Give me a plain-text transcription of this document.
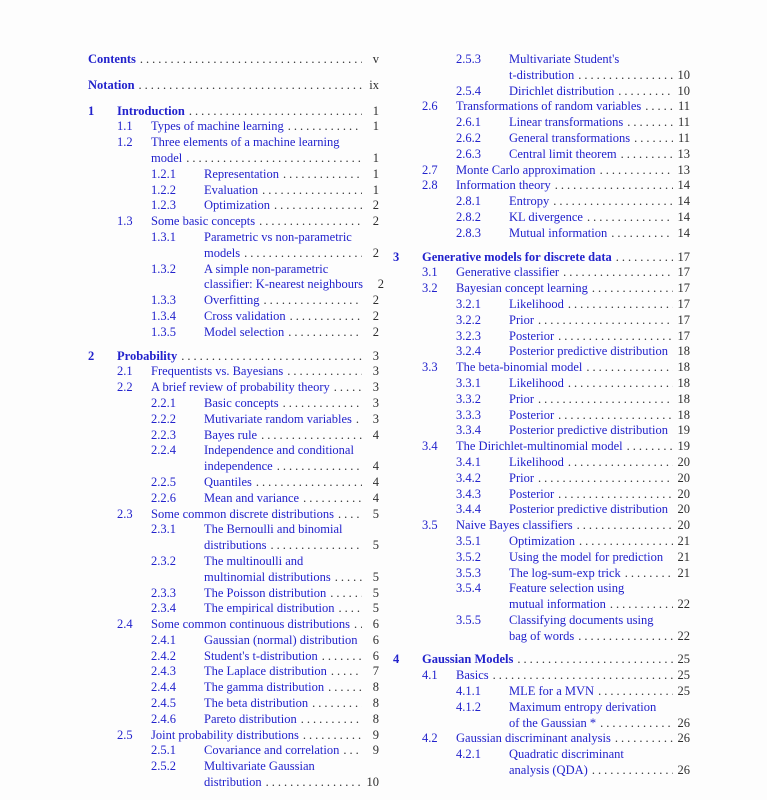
Contents .....	v
Notation .....	ix
1	Introduction .....	1
1.1	Types of machine learning .....	1
1.2	Three elements of a machine learning
model .....	1
1.2.1	Representation .....	1
1.2.2	Evaluation .....	1
1.2.3	Optimization .....	2
1.3	Some basic concepts .....	2
1.3.1	Parametric vs non-parametric
models .....	2
1.3.2	A simple non-parametric
classifier: K-nearest neighbours	2
1.3.3	Overfitting .....	2
1.3.4	Cross validation .....	2
1.3.5	Model selection .....	2
2	Probability .....	3
2.1	Frequentists vs. Bayesians .....	3
2.2	A brief review of probability theory .....	3
2.2.1	Basic concepts .....	3
2.2.2	Mutivariate random variables .....	3
2.2.3	Bayes rule .....	4
2.2.4	Independence and conditional
independence .....	4
2.2.5	Quantiles .....	4
2.2.6	Mean and variance .....	4
2.3	Some common discrete distributions .....	5
2.3.1	The Bernoulli and binomial
distributions .....	5
2.3.2	The multinoulli and
multinomial distributions .....	5
2.3.3	The Poisson distribution .....	5
2.3.4	The empirical distribution .....	5
2.4	Some common continuous distributions .....	6
2.4.1	Gaussian (normal) distribution .....	6
2.4.2	Student's t-distribution .....	6
2.4.3	The Laplace distribution .....	7
2.4.4	The gamma distribution .....	8
2.4.5	The beta distribution .....	8
2.4.6	Pareto distribution .....	8
2.5	Joint probability distributions .....	9
2.5.1	Covariance and correlation .....	9
2.5.2	Multivariate Gaussian
distribution .....	10
2.5.3	Multivariate Student's
t-distribution .....	10
2.5.4	Dirichlet distribution .....	10
2.6	Transformations of random variables .....	11
2.6.1	Linear transformations .....	11
2.6.2	General transformations .....	11
2.6.3	Central limit theorem .....	13
2.7	Monte Carlo approximation .....	13
2.8	Information theory .....	14
2.8.1	Entropy .....	14
2.8.2	KL divergence .....	14
2.8.3	Mutual information .....	14
3	Generative models for discrete data .....	17
3.1	Generative classifier .....	17
3.2	Bayesian concept learning .....	17
3.2.1	Likelihood .....	17
3.2.2	Prior .....	17
3.2.3	Posterior .....	17
3.2.4	Posterior predictive distribution 18
3.3	The beta-binomial model .....	18
3.3.1	Likelihood .....	18
3.3.2	Prior .....	18
3.3.3	Posterior .....	18
3.3.4	Posterior predictive distribution 19
3.4	The Dirichlet-multinomial model .....	19
3.4.1	Likelihood .....	20
3.4.2	Prior .....	20
3.4.3	Posterior .....	20
3.4.4	Posterior predictive distribution 20
3.5	Naive Bayes classifiers .....	20
3.5.1	Optimization .....	21
3.5.2	Using the model for prediction 21
3.5.3	The log-sum-exp trick .....	21
3.5.4	Feature selection using
mutual information .....	22
3.5.5	Classifying documents using
bag of words .....	22
4	Gaussian Models .....	25
4.1	Basics .....	25
4.1.1	MLE for a MVN .....	25
4.1.2	Maximum entropy derivation
of the Gaussian * .....	26
4.2	Gaussian discriminant analysis .....	26
4.2.1	Quadratic discriminant
analysis (QDA) .....	26
